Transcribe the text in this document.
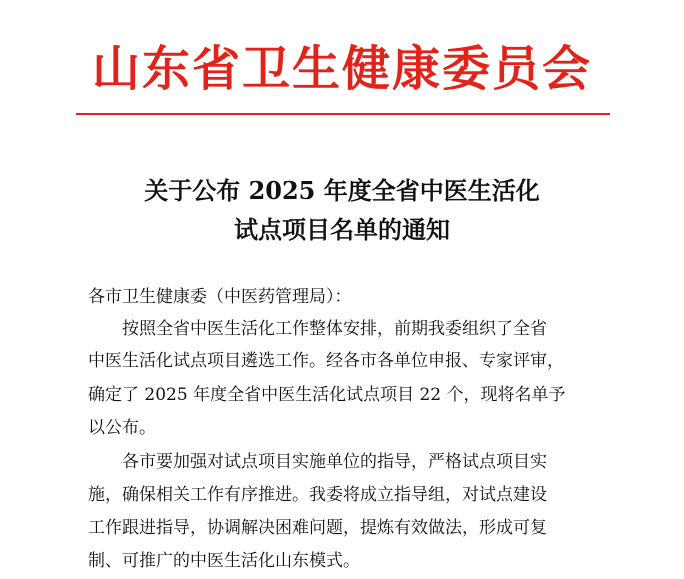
山东省卫生健康委员会
关于公布 2025 年度全省中医生活化
试点项目名单的通知
各市卫生健康委（中医药管理局）：
　　按照全省中医生活化工作整体安排，前期我委组织了全省
中医生活化试点项目遴选工作。经各市各单位申报、专家评审，
确定了 2025 年度全省中医生活化试点项目 22 个，现将名单予
以公布。
　　各市要加强对试点项目实施单位的指导，严格试点项目实
施，确保相关工作有序推进。我委将成立指导组，对试点建设
工作跟进指导，协调解决困难问题，提炼有效做法，形成可复
制、可推广的中医生活化山东模式。
